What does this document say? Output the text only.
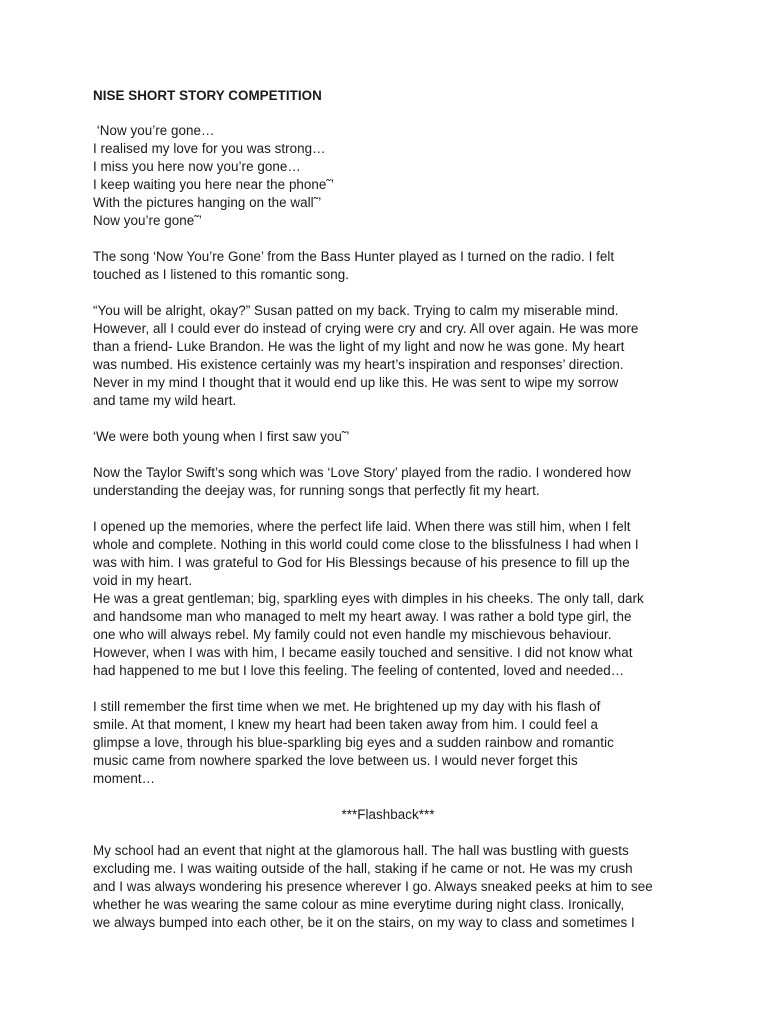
NISE SHORT STORY COMPETITION
‘Now you’re gone…
I realised my love for you was strong…
I miss you here now you’re gone…
I keep waiting you here near the phone˜’
With the pictures hanging on the wall˜’
Now you’re gone˜’
The song ‘Now You’re Gone’ from the Bass Hunter played as I turned on the radio. I felt
touched as I listened to this romantic song.
“You will be alright, okay?” Susan patted on my back. Trying to calm my miserable mind.
However, all I could ever do instead of crying were cry and cry. All over again. He was more
than a friend- Luke Brandon. He was the light of my light and now he was gone. My heart
was numbed. His existence certainly was my heart’s inspiration and responses’ direction.
Never in my mind I thought that it would end up like this. He was sent to wipe my sorrow
and tame my wild heart.
‘We were both young when I first saw you˜’
Now the Taylor Swift’s song which was ‘Love Story’ played from the radio. I wondered how
understanding the deejay was, for running songs that perfectly fit my heart.
I opened up the memories, where the perfect life laid. When there was still him, when I felt
whole and complete. Nothing in this world could come close to the blissfulness I had when I
was with him. I was grateful to God for His Blessings because of his presence to fill up the
void in my heart.
He was a great gentleman; big, sparkling eyes with dimples in his cheeks. The only tall, dark
and handsome man who managed to melt my heart away. I was rather a bold type girl, the
one who will always rebel. My family could not even handle my mischievous behaviour.
However, when I was with him, I became easily touched and sensitive. I did not know what
had happened to me but I love this feeling. The feeling of contented, loved and needed…
I still remember the first time when we met. He brightened up my day with his flash of
smile. At that moment, I knew my heart had been taken away from him. I could feel a
glimpse a love, through his blue-sparkling big eyes and a sudden rainbow and romantic
music came from nowhere sparked the love between us. I would never forget this
moment…
***Flashback***
My school had an event that night at the glamorous hall. The hall was bustling with guests
excluding me. I was waiting outside of the hall, staking if he came or not. He was my crush
and I was always wondering his presence wherever I go. Always sneaked peeks at him to see
whether he was wearing the same colour as mine everytime during night class. Ironically,
we always bumped into each other, be it on the stairs, on my way to class and sometimes I
